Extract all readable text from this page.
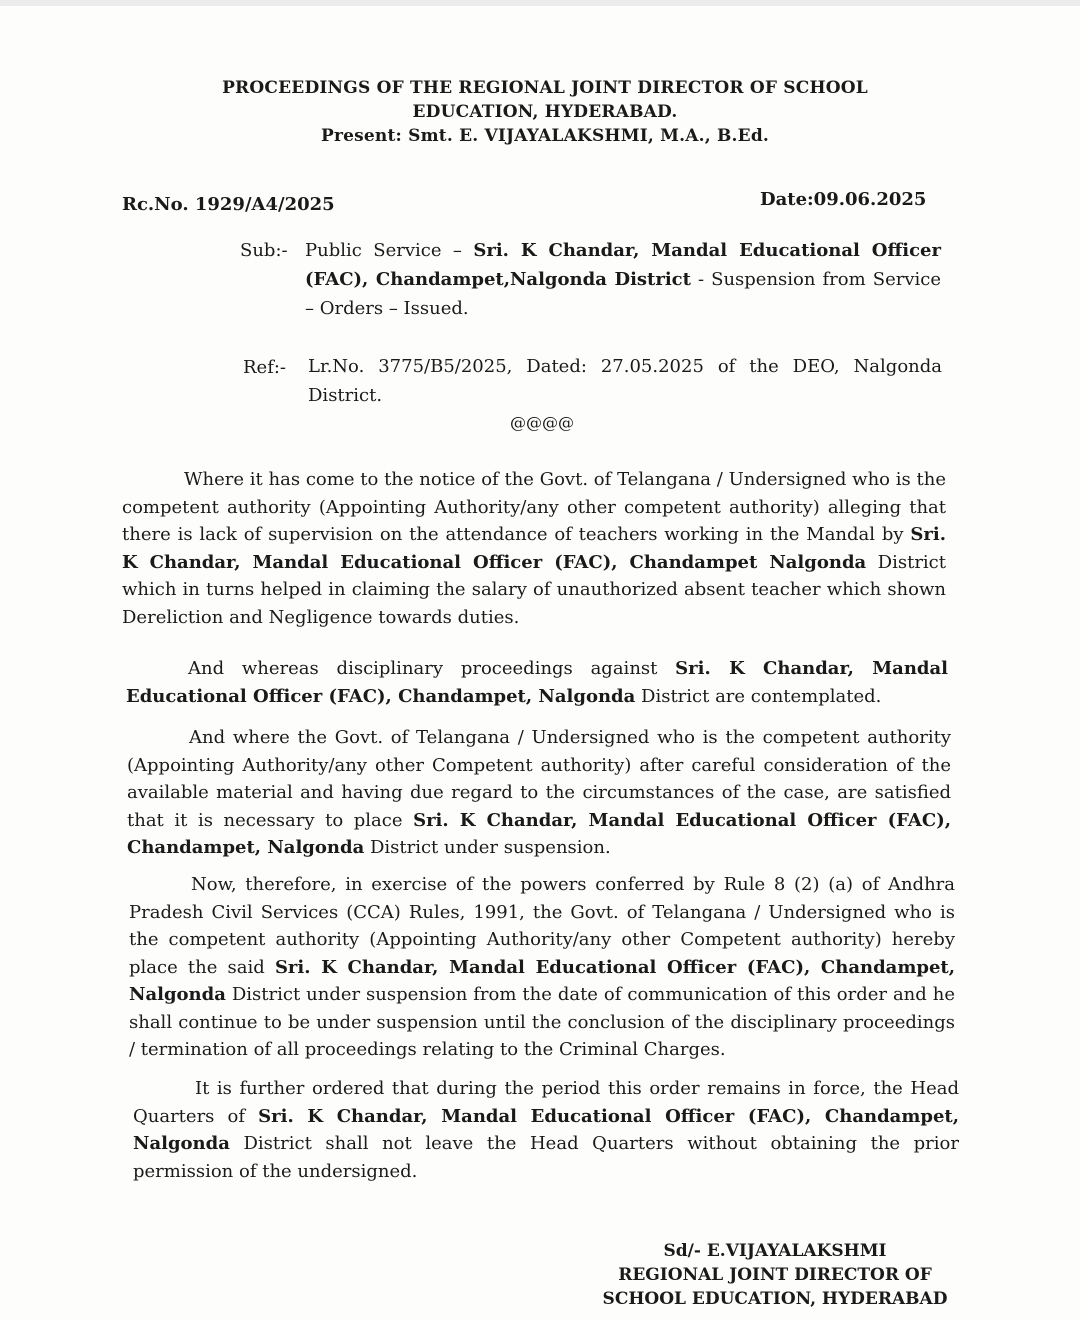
PROCEEDINGS OF THE REGIONAL JOINT DIRECTOR OF SCHOOL
EDUCATION, HYDERABAD.
Present: Smt. E. VIJAYALAKSHMI, M.A., B.Ed.
Rc.No. 1929/A4/2025	Date:09.06.2025
Sub:- Public Service – Sri. K Chandar, Mandal Educational Officer (FAC), Chandampet,Nalgonda District - Suspension from Service – Orders – Issued.
Ref:- Lr.No. 3775/B5/2025, Dated: 27.05.2025 of the DEO, Nalgonda District.
@@@@

Where it has come to the notice of the Govt. of Telangana / Undersigned who is the competent authority (Appointing Authority/any other competent authority) alleging that there is lack of supervision on the attendance of teachers working in the Mandal by Sri. K Chandar, Mandal Educational Officer (FAC), Chandampet Nalgonda District which in turns helped in claiming the salary of unauthorized absent teacher which shown Dereliction and Negligence towards duties.

And whereas disciplinary proceedings against Sri. K Chandar, Mandal Educational Officer (FAC), Chandampet, Nalgonda District are contemplated.

And where the Govt. of Telangana / Undersigned who is the competent authority (Appointing Authority/any other Competent authority) after careful consideration of the available material and having due regard to the circumstances of the case, are satisfied that it is necessary to place Sri. K Chandar, Mandal Educational Officer (FAC), Chandampet, Nalgonda District under suspension.

Now, therefore, in exercise of the powers conferred by Rule 8 (2) (a) of Andhra Pradesh Civil Services (CCA) Rules, 1991, the Govt. of Telangana / Undersigned who is the competent authority (Appointing Authority/any other Competent authority) hereby place the said Sri. K Chandar, Mandal Educational Officer (FAC), Chandampet, Nalgonda District under suspension from the date of communication of this order and he shall continue to be under suspension until the conclusion of the disciplinary proceedings / termination of all proceedings relating to the Criminal Charges.

It is further ordered that during the period this order remains in force, the Head Quarters of Sri. K Chandar, Mandal Educational Officer (FAC), Chandampet, Nalgonda District shall not leave the Head Quarters without obtaining the prior permission of the undersigned.

Sd/- E.VIJAYALAKSHMI
REGIONAL JOINT DIRECTOR OF
SCHOOL EDUCATION, HYDERABAD
